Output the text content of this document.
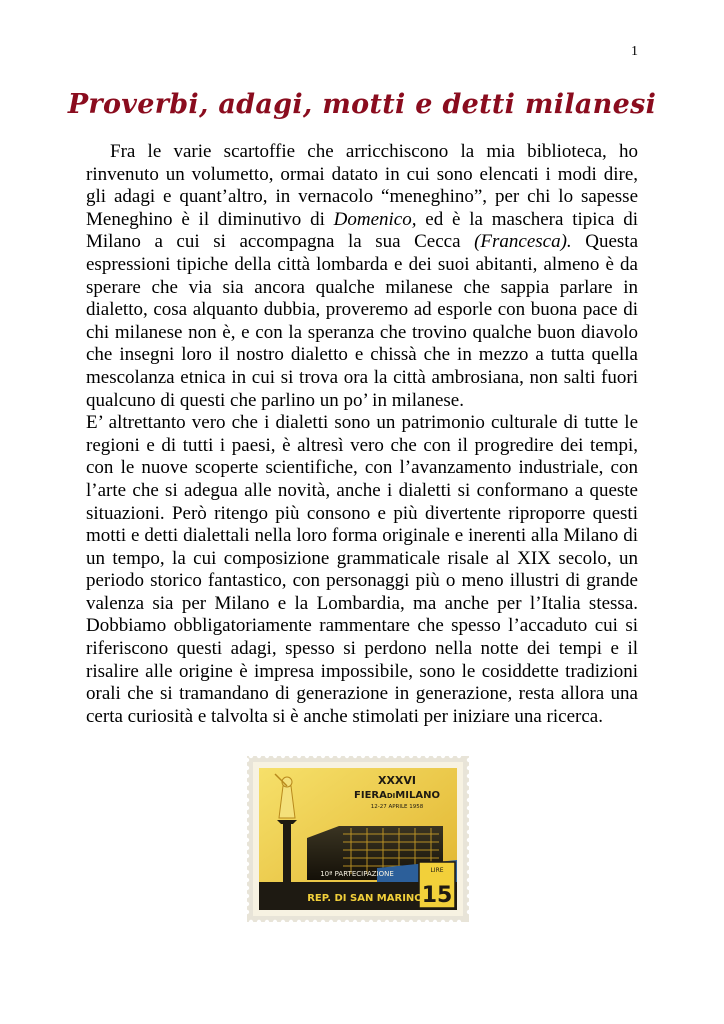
1
Proverbi, adagi, motti e detti milanesi

Fra le varie scartoffie che arricchiscono la mia biblioteca, ho rinvenuto un volumetto, ormai datato in cui sono elencati i modi dire, gli adagi e quant’altro, in vernacolo “meneghino”, per chi lo sapesse Meneghino è il diminutivo di Domenico, ed è la maschera tipica di Milano a cui si accompagna la sua Cecca (Francesca). Questa espressioni tipiche della città lombarda e dei suoi abitanti, almeno è da sperare che via sia ancora qualche milanese che sappia parlare in dialetto, cosa alquanto dubbia, proveremo ad esporle con buona pace di chi milanese non è, e con la speranza che trovino qualche buon diavolo che insegni loro il nostro dialetto e chissà che in mezzo a tutta quella mescolanza etnica in cui si trova ora la città ambrosiana, non salti fuori qualcuno di questi che parlino un po’ in milanese.

E’ altrettanto vero che i dialetti sono un patrimonio culturale di tutte le regioni e di tutti i paesi, è altresì vero che con il progredire dei tempi, con le nuove scoperte scientifiche, con l’avanzamento industriale, con l’arte che si adegua alle novità, anche i dialetti si conformano a queste situazioni. Però ritengo più consono e più divertente riproporre questi motti e detti dialettali nella loro forma originale e inerenti alla Milano di un tempo, la cui composizione grammaticale risale al XIX secolo, un periodo storico fantastico, con personaggi più o meno illustri di grande valenza sia per Milano e la Lombardia, ma anche per l’Italia stessa. Dobbiamo obbligatoriamente rammentare che spesso l’accaduto cui si riferiscono questi adagi, spesso si perdono nella notte dei tempi e il risalire alle origine è impresa impossibile, sono le cosiddette tradizioni orali che si tramandano di generazione in generazione, resta allora una certa curiosità e talvolta si è anche stimolati per iniziare una ricerca.

XXXVI
FIERADIMILANO
12-27 APRILE 1958
10ª PARTECIPAZIONE
REP. DI SAN MARINO
LIRE
15
